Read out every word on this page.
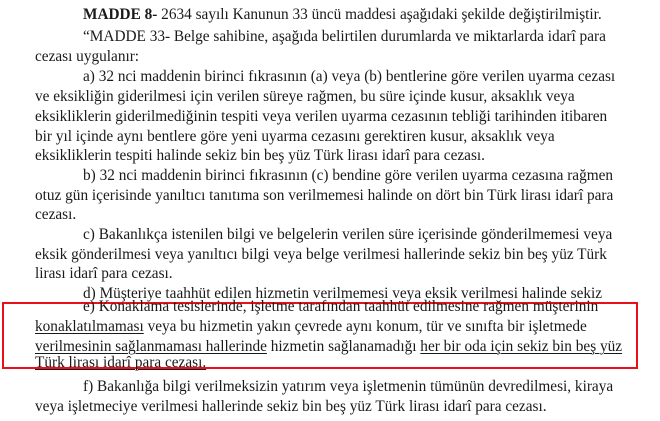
MADDE 8- 2634 sayılı Kanunun 33 üncü maddesi aşağıdaki şekilde değiştirilmiştir.
“MADDE 33- Belge sahibine, aşağıda belirtilen durumlarda ve miktarlarda idarî para
cezası uygulanır:
a) 32 nci maddenin birinci fıkrasının (a) veya (b) bentlerine göre verilen uyarma cezası
ve eksikliğin giderilmesi için verilen süreye rağmen, bu süre içinde kusur, aksaklık veya
eksikliklerin giderilmediğinin tespiti veya verilen uyarma cezasının tebliği tarihinden itibaren
bir yıl içinde aynı bentlere göre yeni uyarma cezasını gerektiren kusur, aksaklık veya
eksikliklerin tespiti halinde sekiz bin beş yüz Türk lirası idarî para cezası.
b) 32 nci maddenin birinci fıkrasının (c) bendine göre verilen uyarma cezasına rağmen
otuz gün içerisinde yanıltıcı tanıtıma son verilmemesi halinde on dört bin Türk lirası idarî para
cezası.
c) Bakanlıkça istenilen bilgi ve belgelerin verilen süre içerisinde gönderilmemesi veya
eksik gönderilmesi veya yanıltıcı bilgi veya belge verilmesi hallerinde sekiz bin beş yüz Türk
lirası idarî para cezası.
e) Konaklama tesislerinde, işletme tarafından taahhüt edilmesine rağmen müşterinin
konaklatılmaması veya bu hizmetin yakın çevrede aynı konum, tür ve sınıfta bir işletmede
verilmesinin sağlanmaması hallerinde hizmetin sağlanamadığı her bir oda için sekiz bin beş yüz
Türk lirası idarî para cezası.
f) Bakanlığa bilgi verilmeksizin yatırım veya işletmenin tümünün devredilmesi, kiraya
veya işletmeciye verilmesi hallerinde sekiz bin beş yüz Türk lirası idarî para cezası.
d) Müşteriye taahhüt edilen hizmetin verilmemesi veya eksik verilmesi halinde sekiz
